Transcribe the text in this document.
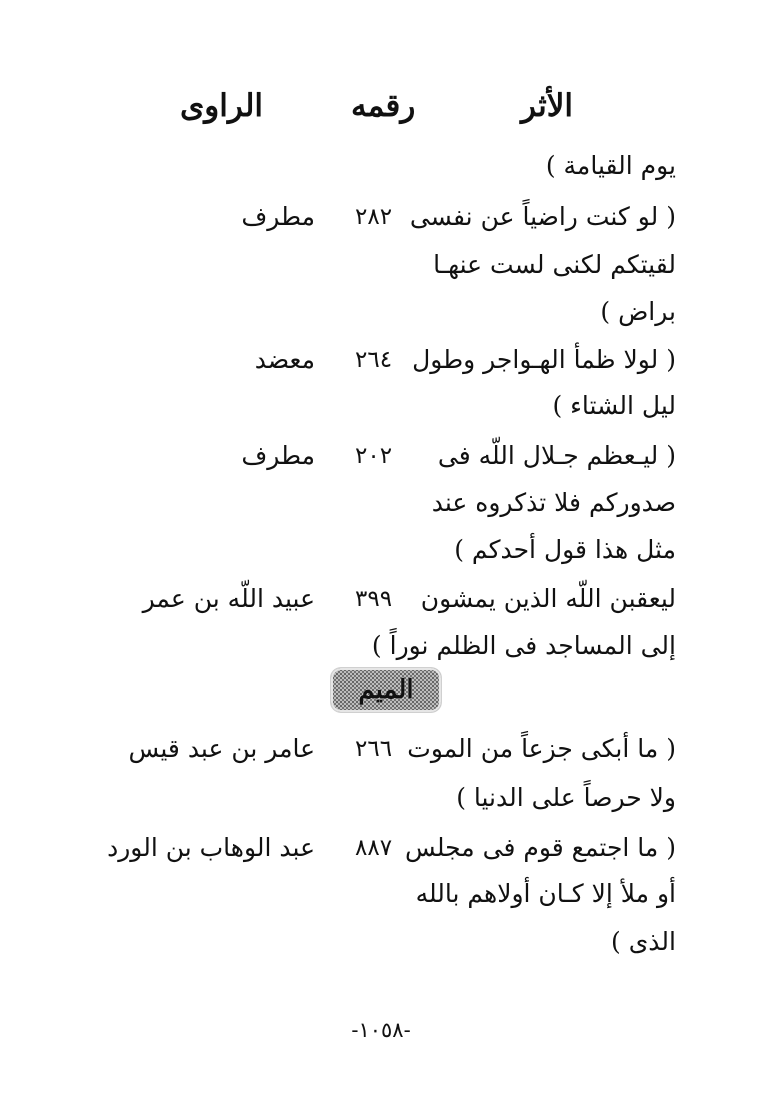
الأثر
رقمه
الراوى
يوم القيامة )
( لو كنت راضياً عن نفسى
٢٨٢
مطرف
لقيتكم لكنى لست عنهـا
براض )
( لولا ظمأ الهـواجر وطول
٢٦٤
معضد
ليل الشتاء )
( ليـعظم جـلال اللّه فى
٢٠٢
مطرف
صدوركم فلا تذكروه عند
مثل هذا قول أحدكم )
ليعقبن اللّه الذين يمشون
٣٩٩
عبيد اللّه بن عمر
إلى المساجد فى الظلم نوراً )
الميم
( ما أبكى جزعاً من الموت
٢٦٦
عامر بن عبد قيس
ولا حرصاً على الدنيا )
( ما اجتمع قوم فى مجلس
٨٨٧
عبد الوهاب بن الورد
أو ملأ إلا كـان أولاهم بالله
الذى )
-١٠٥٨-
